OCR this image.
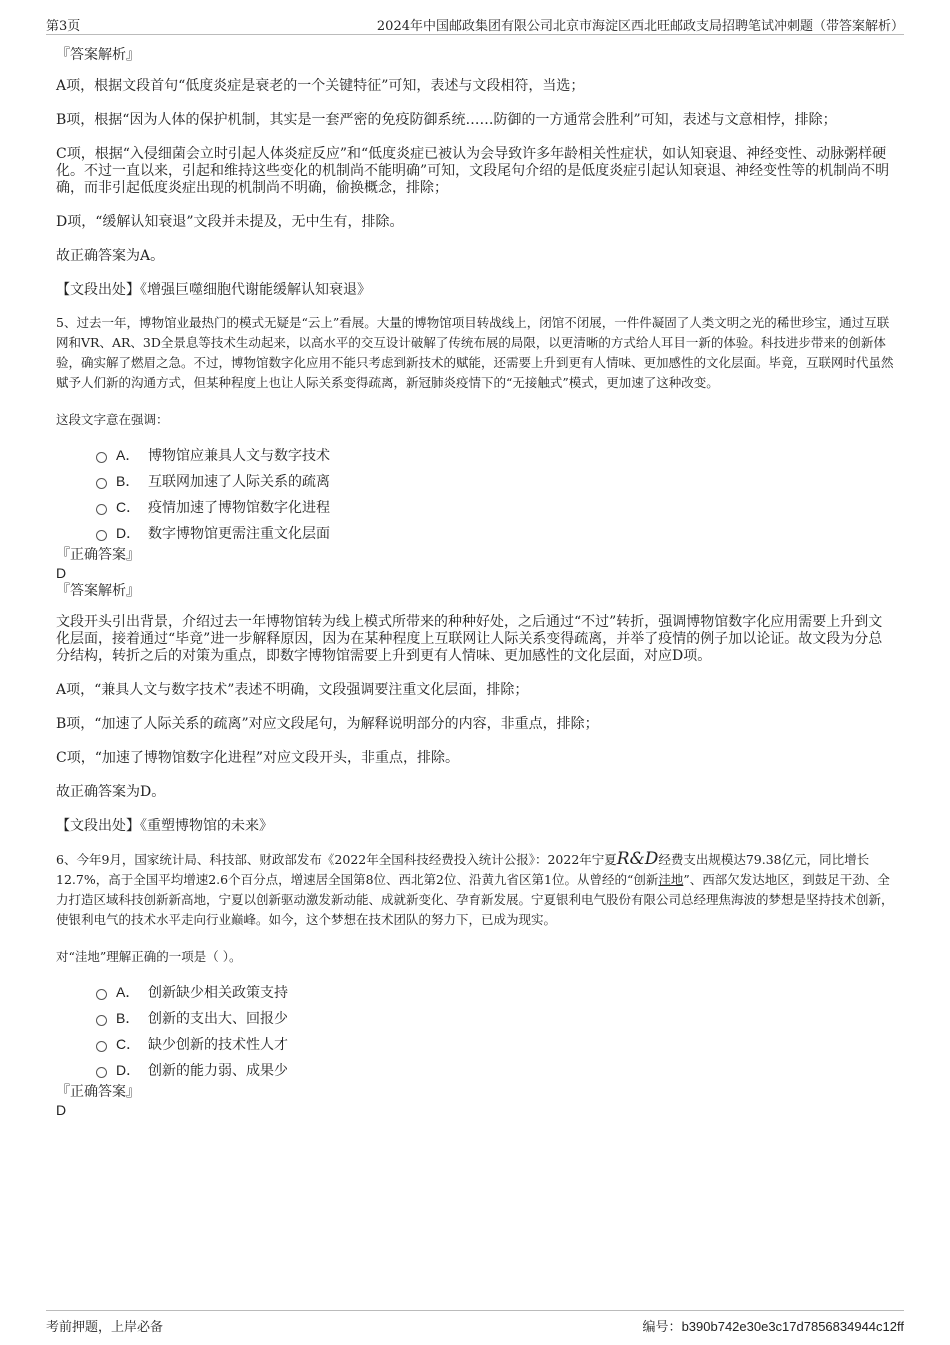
第3页	2024年中国邮政集团有限公司北京市海淀区西北旺邮政支局招聘笔试冲刺题（带答案解析）

『答案解析』

A项，根据文段首句“低度炎症是衰老的一个关键特征”可知，表述与文段相符，当选；

B项，根据“因为人体的保护机制，其实是一套严密的免疫防御系统……防御的一方通常会胜利”可知，表述与文意相悖，排除；

C项，根据“入侵细菌会立时引起人体炎症反应”和“低度炎症已被认为会导致许多年龄相关性症状，如认知衰退、神经变性、动脉粥样硬化。不过一直以来，引起和维持这些变化的机制尚不能明确”可知，文段尾句介绍的是低度炎症引起认知衰退、神经变性等的机制尚不明确，而非引起低度炎症出现的机制尚不明确，偷换概念，排除；

D项，“缓解认知衰退”文段并未提及，无中生有，排除。

故正确答案为A。

【文段出处】《增强巨噬细胞代谢能缓解认知衰退》

5、过去一年，博物馆业最热门的模式无疑是“云上”看展。大量的博物馆项目转战线上，闭馆不闭展，一件件凝固了人类文明之光的稀世珍宝，通过互联网和VR、AR、3D全景息等技术生动起来，以高水平的交互设计破解了传统布展的局限，以更清晰的方式给人耳目一新的体验。科技进步带来的创新体验，确实解了燃眉之急。不过，博物馆数字化应用不能只考虑到新技术的赋能，还需要上升到更有人情味、更加感性的文化层面。毕竟，互联网时代虽然赋予人们新的沟通方式，但某种程度上也让人际关系变得疏离，新冠肺炎疫情下的“无接触式”模式，更加速了这种改变。

这段文字意在强调：

A． 博物馆应兼具人文与数字技术
B． 互联网加速了人际关系的疏离
C． 疫情加速了博物馆数字化进程
D． 数字博物馆更需注重文化层面

『正确答案』

D

『答案解析』

文段开头引出背景，介绍过去一年博物馆转为线上模式所带来的种种好处，之后通过“不过”转折，强调博物馆数字化应用需要上升到文化层面，接着通过“毕竟”进一步解释原因，因为在某种程度上互联网让人际关系变得疏离，并举了疫情的例子加以论证。故文段为分总分结构，转折之后的对策为重点，即数字博物馆需要上升到更有人情味、更加感性的文化层面，对应D项。

A项，“兼具人文与数字技术”表述不明确，文段强调要注重文化层面，排除；

B项，“加速了人际关系的疏离”对应文段尾句，为解释说明部分的内容，非重点，排除；

C项，“加速了博物馆数字化进程”对应文段开头，非重点，排除。

故正确答案为D。

【文段出处】《重塑博物馆的未来》

6、今年9月，国家统计局、科技部、财政部发布《2022年全国科技经费投入统计公报》：2022年宁夏R&D经费支出规模达79.38亿元，同比增长12.7%，高于全国平均增速2.6个百分点，增速居全国第8位、西北第2位、沿黄九省区第1位。从曾经的“创新洼地”、西部欠发达地区，到鼓足干劲、全力打造区域科技创新新高地，宁夏以创新驱动激发新动能、成就新变化、孕育新发展。宁夏银利电气股份有限公司总经理焦海波的梦想是坚持技术创新，使银利电气的技术水平走向行业巅峰。如今，这个梦想在技术团队的努力下，已成为现实。

对“洼地”理解正确的一项是（ ）。

A． 创新缺少相关政策支持
B． 创新的支出大、回报少
C． 缺少创新的技术性人才
D． 创新的能力弱、成果少

『正确答案』

D

考前押题，上岸必备	编号：b390b742e30e3c17d7856834944c12ff
